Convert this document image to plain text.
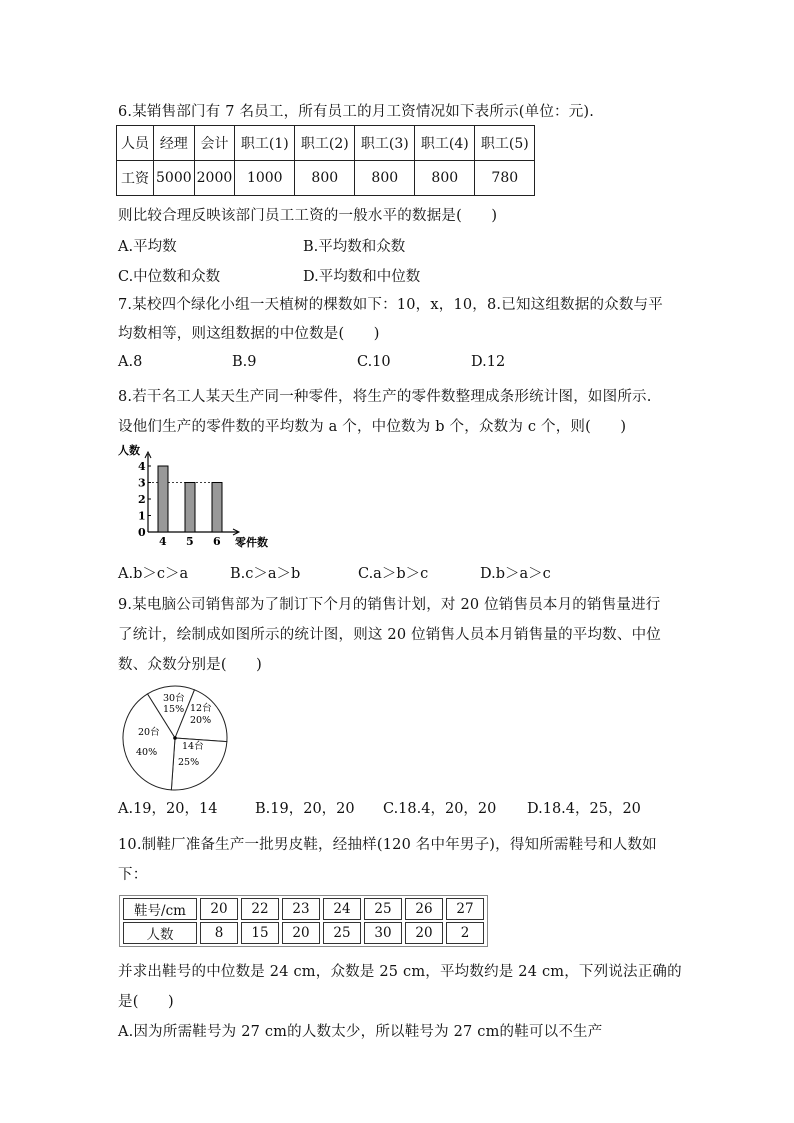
6.某销售部门有 7 名员工，所有员工的月工资情况如下表所示(单位：元).
人员	经理	会计	职工(1)	职工(2)	职工(3)	职工(4)	职工(5)
工资	5000	2000	1000	800	800	800	780
则比较合理反映该部门员工工资的一般水平的数据是(　　)
A.平均数	B.平均数和众数
C.中位数和众数	D.平均数和中位数
7.某校四个绿化小组一天植树的棵数如下：10，x，10，8.已知这组数据的众数与平
均数相等，则这组数据的中位数是(　　)
A.8	B.9	C.10	D.12
8.若干名工人某天生产同一种零件，将生产的零件数整理成条形统计图，如图所示.
设他们生产的零件数的平均数为 a 个，中位数为 b 个，众数为 c 个，则(　　)
0
1
2
3
4
4 5 6
人数
零件数
A.b＞c＞a	B.c＞a＞b	C.a＞b＞c	D.b＞a＞c
9.某电脑公司销售部为了制订下个月的销售计划，对 20 位销售员本月的销售量进行
了统计，绘制成如图所示的统计图，则这 20 位销售人员本月销售量的平均数、中位
数、众数分别是(　　)
30台
15% 12台
20%
14台
25%
20台
40%
A.19，20，14	B.19，20，20 C.18.4，20，20 D.18.4，25，20
10.制鞋厂准备生产一批男皮鞋，经抽样(120 名中年男子)，得知所需鞋号和人数如
下：
鞋号/cm	20	22	23	24	25	26	27
人数	8	15	20	25	30	20	2
并求出鞋号的中位数是 24 cm，众数是 25 cm，平均数约是 24 cm，下列说法正确的
是(　　)
A.因为所需鞋号为 27 cm的人数太少，所以鞋号为 27 cm的鞋可以不生产
